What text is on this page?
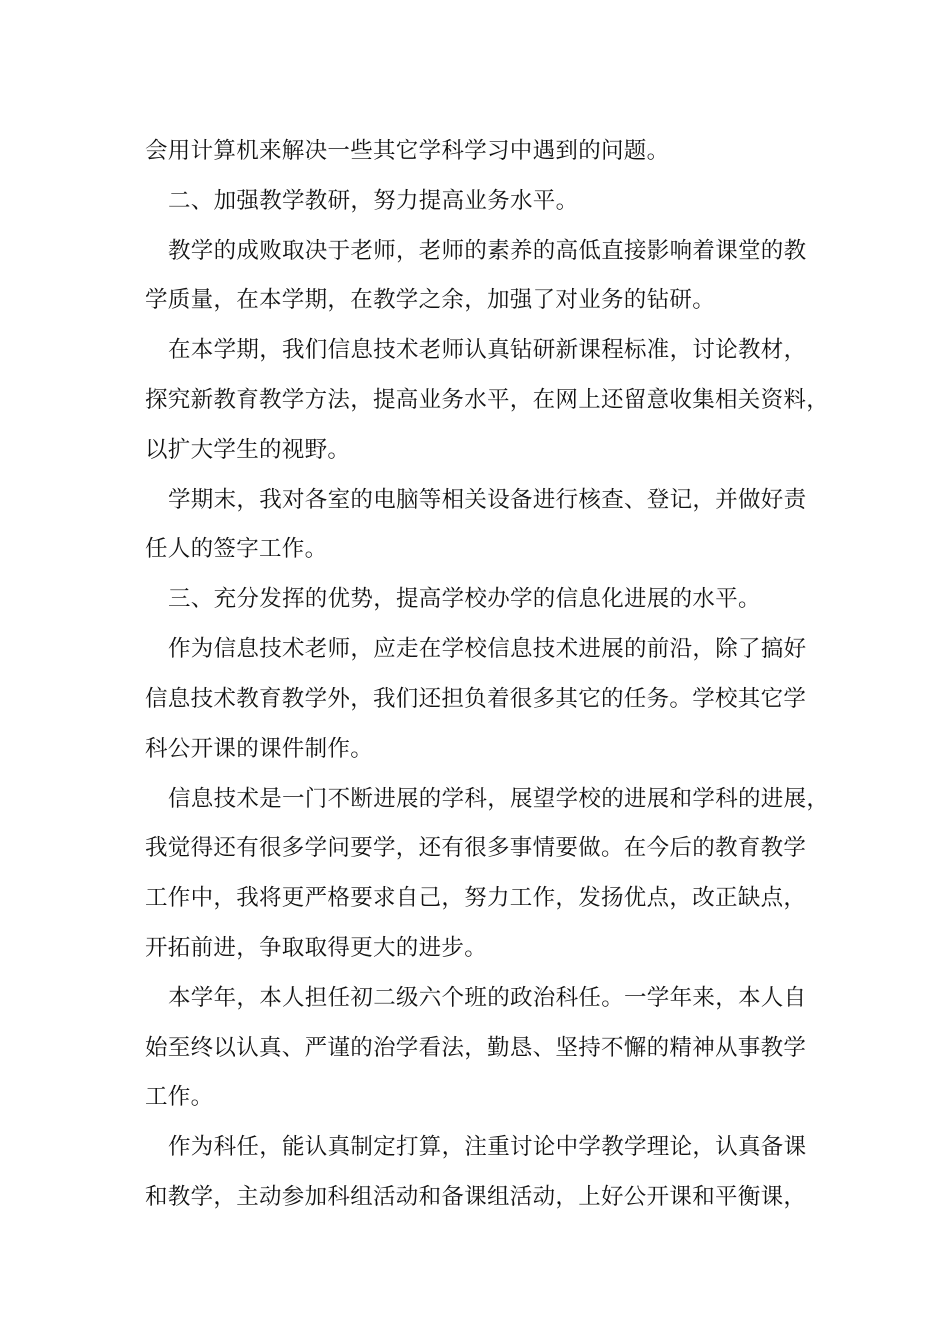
会用计算机来解决一些其它学科学习中遇到的问题。
二、加强教学教研，努力提高业务水平。
教学的成败取决于老师，老师的素养的高低直接影响着课堂的教
学质量，在本学期，在教学之余，加强了对业务的钻研。
在本学期，我们信息技术老师认真钻研新课程标准，讨论教材，
探究新教育教学方法，提高业务水平，在网上还留意收集相关资料，
以扩大学生的视野。
学期末，我对各室的电脑等相关设备进行核查、登记，并做好责
任人的签字工作。
三、充分发挥的优势，提高学校办学的信息化进展的水平。
作为信息技术老师，应走在学校信息技术进展的前沿，除了搞好
信息技术教育教学外，我们还担负着很多其它的任务。学校其它学
科公开课的课件制作。
信息技术是一门不断进展的学科，展望学校的进展和学科的进展，
我觉得还有很多学问要学，还有很多事情要做。在今后的教育教学
工作中，我将更严格要求自己，努力工作，发扬优点，改正缺点，
开拓前进，争取取得更大的进步。
本学年，本人担任初二级六个班的政治科任。一学年来，本人自
始至终以认真、严谨的治学看法，勤恳、坚持不懈的精神从事教学
工作。
作为科任，能认真制定打算，注重讨论中学教学理论，认真备课
和教学，主动参加科组活动和备课组活动，上好公开课和平衡课，
